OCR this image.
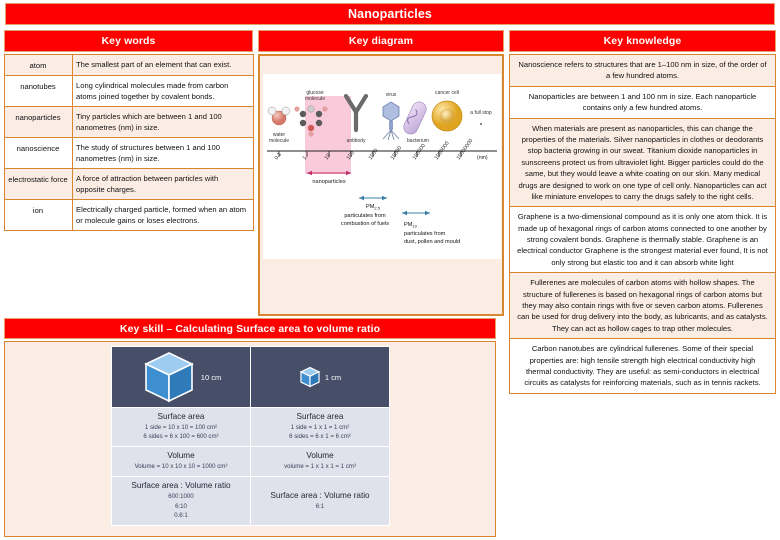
Nanoparticles
Key words	Key diagram	Key knowledge
atom	The smallest part of an element that can exist.
nanotubes	Long cylindrical molecules made from carbon atoms joined together by covalent bonds.
nanoparticles	Tiny particles which are between 1 and 100 nanometres (nm) in size.
nanoscience	The study of structures between 1 and 100 nanometres (nm) in size.
electrostatic force	A force of attraction between particles with opposite charges.
ion	Electrically charged particle, formed when an atom or molecule gains or loses electrons.
water
molecule
glucose
molecule
antibody
virus
bacterium
cancer cell
a full stop
0.1	1	10	100 1000 10000 100000 1000000 10000000 (nm)
nanoparticles
$PM_{2.5}$
particulates from
combustion of fuels	$PM_{10}$
particulates from
dust, pollen and mould
Nanoscience refers to structures that are 1–100 nm in size, of the order of a few hundred atoms.
Nanoparticles are between 1 and 100 nm in size. Each nanoparticle contains only a few hundred atoms.
When materials are present as nanoparticles, this can change the properties of the materials. Silver nanoparticles in clothes or deodorants stop bacteria growing in our sweat. Titanium dioxide nanoparticles in sunscreens protect us from ultraviolet light. Bigger particles could do the same, but they would leave a white coating on our skin. Many medical drugs are designed to work on one type of cell only. Nanoparticles can act like miniature envelopes to carry the drugs safely to the right cells.
Graphene is a two-dimensional compound as it is only one atom thick. It is made up of hexagonal rings of carbon atoms connected to one another by strong covalent bonds. Graphene is thermally stable. Graphene is an electrical conductor Graphene is the strongest material ever found, It is not only strong but elastic too and it can absorb white light
Fullerenes are molecules of carbon atoms with hollow shapes. The structure of fullerenes is based on hexagonal rings of carbon atoms but they may also contain rings with five or seven carbon atoms. Fullerenes can be used for drug delivery into the body, as lubricants, and as catalysts. They can act as hollow cages to trap other molecules.
Carbon nanotubes are cylindrical fullerenes. Some of their special properties are: high tensile strength high electrical conductivity high thermal conductivity. They are useful: as semi-conductors in electrical circuits as catalysts for reinforcing materials, such as in tennis rackets.
Key skill – Calculating Surface area to volume ratio
10 cm	1 cm

Surface area
1 side = 10 x 10 = 100 cm²
6 sides = 6 x 100 = 600 cm²	Surface area
1 side = 1 x 1 = 1 cm²
6 sides = 6 x 1 = 6 cm²

Volume
Volume = 10 x 10 x 10 = 1000 cm³	Volume
volume = 1 x 1 x 1 = 1 cm³

Surface area : Volume ratio
600:1000
6:10
0.6:1	Surface area : Volume ratio
6:1
